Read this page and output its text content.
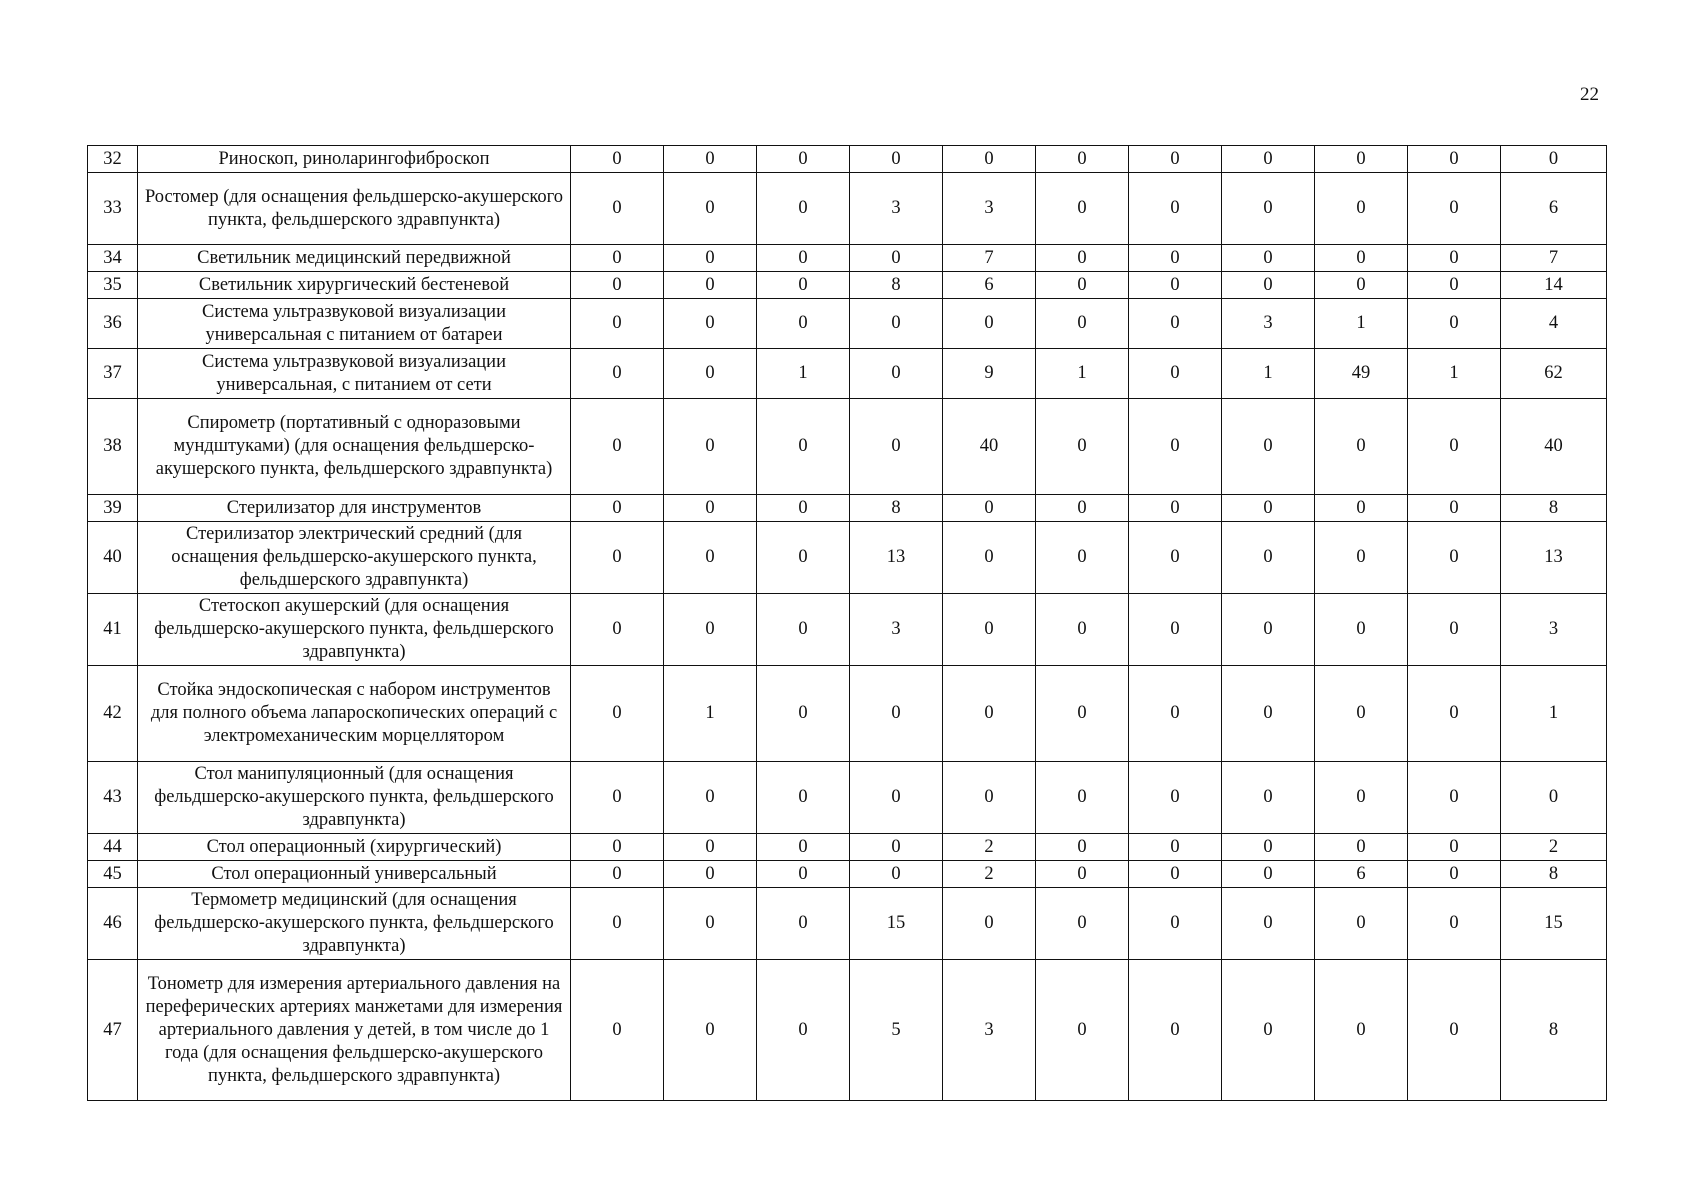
22
32	Риноскоп, риноларингофиброскоп	0	0	0	0	0	0	0	0	0	0	0
33	Ростомер (для оснащения фельдшерско-акушерского пункта, фельдшерского здравпункта)	0	0	0	3	3	0	0	0	0	0	6
34	Светильник медицинский передвижной	0	0	0	0	7	0	0	0	0	0	7
35	Светильник хирургический бестеневой	0	0	0	8	6	0	0	0	0	0	14
36	Система ультразвуковой визуализации универсальная с питанием от батареи	0	0	0	0	0	0	0	3	1	0	4
37	Система ультразвуковой визуализации универсальная, с питанием от сети	0	0	1	0	9	1	0	1	49	1	62
38	Спирометр (портативный с одноразовыми мундштуками) (для оснащения фельдшерско-акушерского пункта, фельдшерского здравпункта)	0	0	0	0	40	0	0	0	0	0	40
39	Стерилизатор для инструментов	0	0	0	8	0	0	0	0	0	0	8
40	Стерилизатор электрический средний (для оснащения фельдшерско-акушерского пункта, фельдшерского здравпункта)	0	0	0	13	0	0	0	0	0	0	13
41	Стетоскоп акушерский (для оснащения фельдшерско-акушерского пункта, фельдшерского здравпункта)	0	0	0	3	0	0	0	0	0	0	3
42	Стойка эндоскопическая с набором инструментов для полного объема лапароскопических операций с электромеханическим морцеллятором	0	1	0	0	0	0	0	0	0	0	1
43	Стол манипуляционный (для оснащения фельдшерско-акушерского пункта, фельдшерского здравпункта)	0	0	0	0	0	0	0	0	0	0	0
44	Стол операционный (хирургический)	0	0	0	0	2	0	0	0	0	0	2
45	Стол операционный универсальный	0	0	0	0	2	0	0	0	6	0	8
46	Термометр медицинский (для оснащения фельдшерско-акушерского пункта, фельдшерского здравпункта)	0	0	0	15	0	0	0	0	0	0	15
47	Тонометр для измерения артериального давления на переферических артериях манжетами для измерения артериального давления у детей, в том числе до 1 года (для оснащения фельдшерско-акушерского пункта, фельдшерского здравпункта)	0	0	0	5	3	0	0	0	0	0	8
